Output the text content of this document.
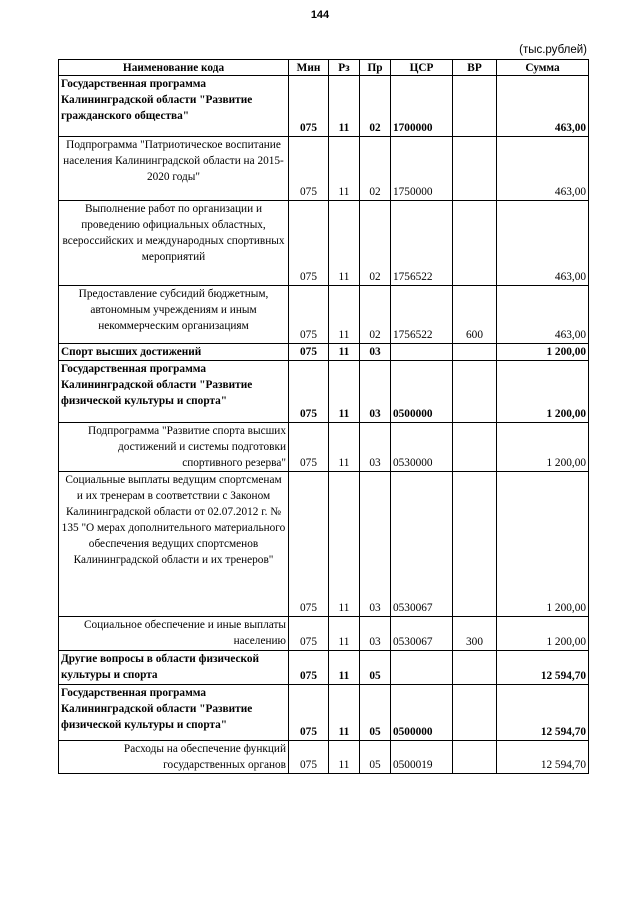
144
(тыс.рублей)
Наименование кода	Мин	Рз	Пр	ЦСР	ВР	Сумма
Государственная программа Калининградской области "Развитие гражданского общества"	075	11	02	1700000		463,00
Подпрограмма "Патриотическое воспитание населения Калининградской области на 2015-2020 годы"	075	11	02	1750000		463,00
Выполнение работ по организации и проведению официальных областных, всероссийских и международных спортивных мероприятий	075	11	02	1756522		463,00
Предоставление субсидий бюджетным, автономным учреждениям и иным некоммерческим организациям	075	11	02	1756522	600	463,00
Спорт высших достижений	075	11	03			1 200,00
Государственная программа Калининградской области "Развитие физической культуры и спорта"	075	11	03	0500000		1 200,00
Подпрограмма "Развитие спорта высших достижений и системы подготовки спортивного резерва"	075	11	03	0530000		1 200,00
Социальные выплаты ведущим спортсменам и их тренерам в соответствии с Законом Калининградской области от 02.07.2012 г. № 135 "О мерах дополнительного материального обеспечения ведущих спортсменов Калининградской области и их тренеров"	075	11	03	0530067		1 200,00
Социальное обеспечение и иные выплаты населению	075	11	03	0530067	300	1 200,00
Другие вопросы в области физической культуры и спорта	075	11	05			12 594,70
Государственная программа Калининградской области "Развитие физической культуры и спорта"	075	11	05	0500000		12 594,70
Расходы на обеспечение функций государственных органов	075	11	05	0500019		12 594,70
